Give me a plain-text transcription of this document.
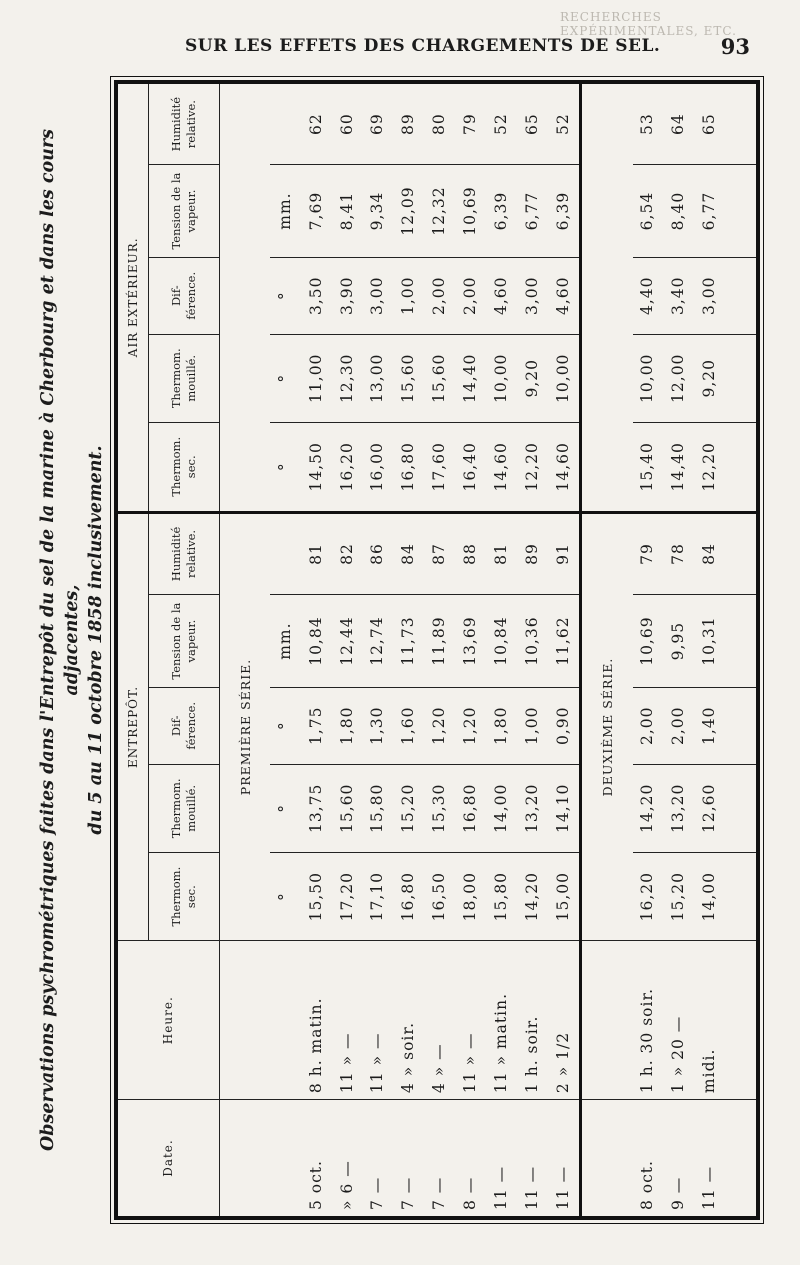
RECHERCHES EXPÉRIMENTALES, ETC.
SUR LES EFFETS DES CHARGEMENTS DE SEL.	93
Observations psychrométriques faites dans l'Entrepôt du sel de la marine à Cherbourg et dans les cours adjacentes, du 5 au 11 octobre 1858 inclusivement.
Date.	Heure.	ENTREPÔT.					AIR EXTÉRIEUR.				
		Thermom. sec.	Thermom. mouillé.	Dif- férence.	Tension de la vapeur.	Humidité relative.	Thermom. sec.	Thermom. mouillé.	Dif- férence.	Tension de la vapeur.	Humidité relative.
		PREMIÈRE SÉRIE.									
		°	°	°	mm.		°	°	°	mm.	
5 oct.	8 h. matin.	15,50	13,75	1,75	10,84	81	14,50	11,00	3,50	7,69	62
» 6 —	11 » —	17,20	15,60	1,80	12,44	82	16,20	12,30	3,90	8,41	60
7 —	11 » —	17,10	15,80	1,30	12,74	86	16,00	13,00	3,00	9,34	69
7 —	4 » soir.	16,80	15,20	1,60	11,73	84	16,80	15,60	1,00	12,09	89
7 —	4 » —	16,50	15,30	1,20	11,89	87	17,60	15,60	2,00	12,32	80
8 —	11 » —	18,00	16,80	1,20	13,69	88	16,40	14,40	2,00	10,69	79
11 —	11 » matin.	15,80	14,00	1,80	10,84	81	14,60	10,00	4,60	6,39	52
11 —	1 h. soir.	14,20	13,20	1,00	10,36	89	12,20	9,20	3,00	6,77	65
11 —	2 » 1/2	15,00	14,10	0,90	11,62	91	14,60	10,00	4,60	6,39	52
		DEUXIÈME SÉRIE.									
8 oct.	1 h. 30 soir.	16,20	14,20	2,00	10,69	79	15,40	10,00	4,40	6,54	53
9 —	1 » 20 —	15,20	13,20	2,00	9,95	78	14,40	12,00	3,40	8,40	64
11 —	midi.	14,00	12,60	1,40	10,31	84	12,20	9,20	3,00	6,77	65
